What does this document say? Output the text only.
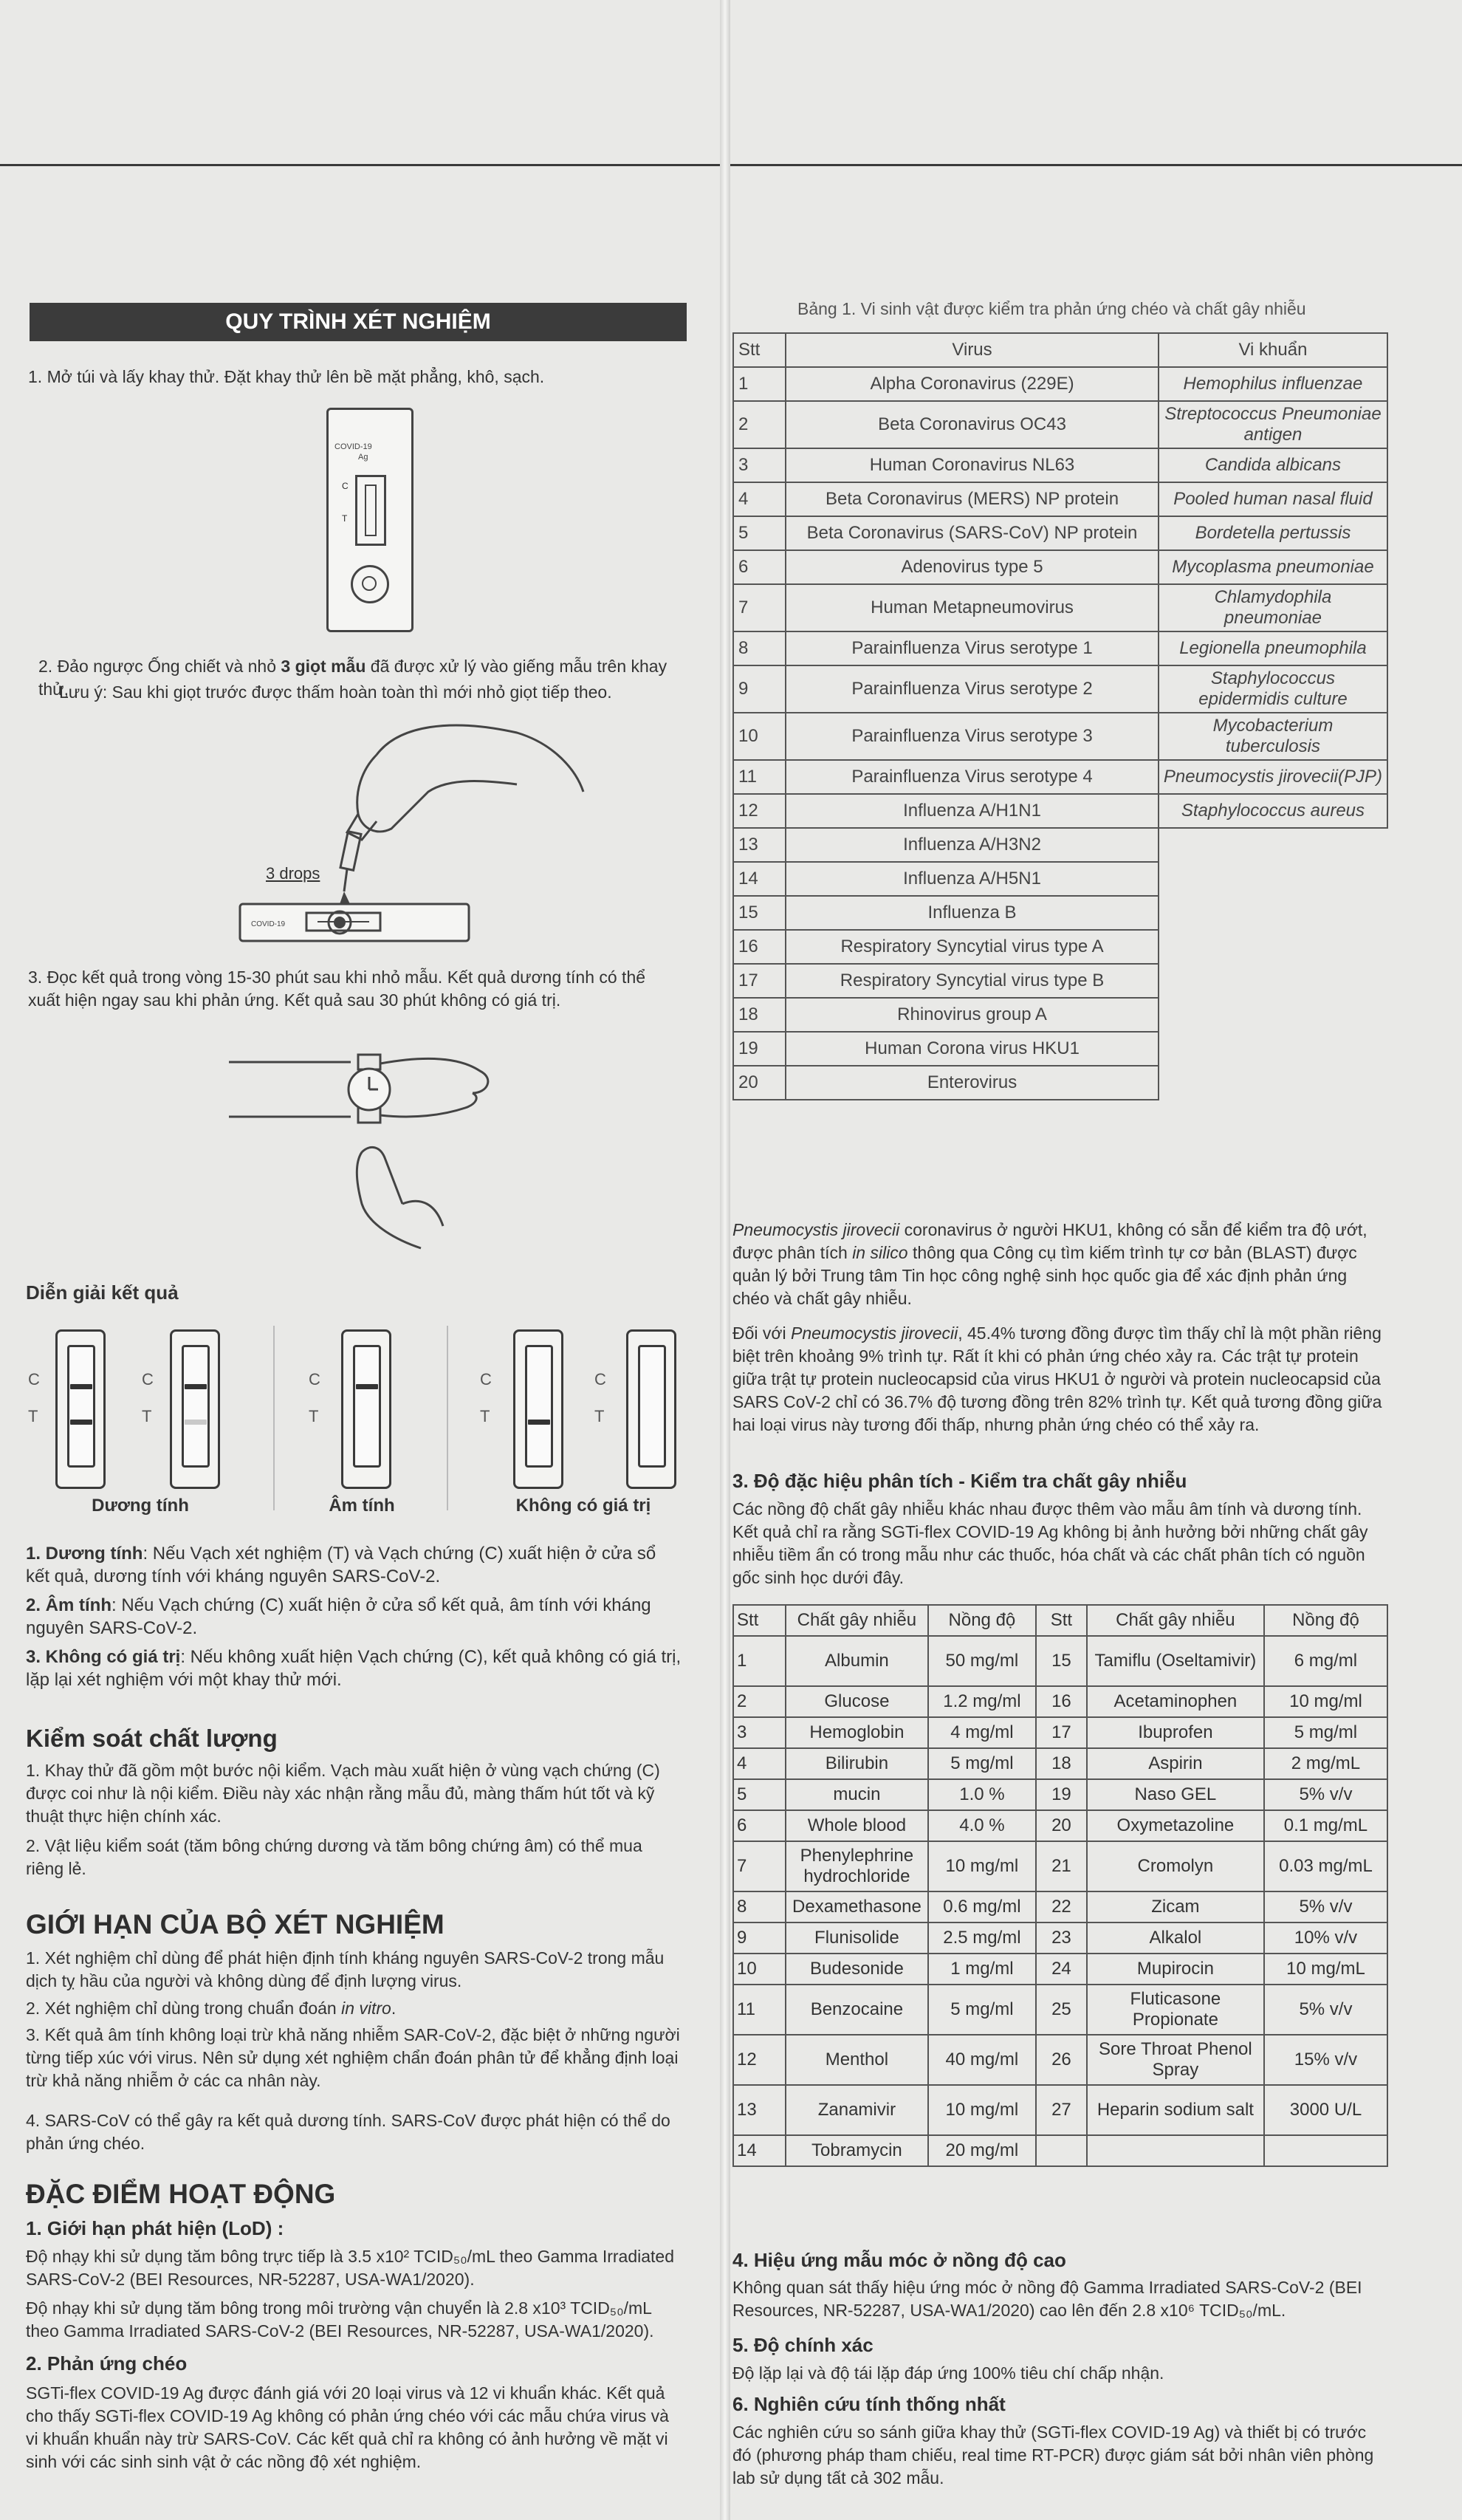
QUY TRÌNH XÉT NGHIỆM
1. Mở túi và lấy khay thử. Đặt khay thử lên bề mặt phẳng, khô, sạch.
COVID-19
Ag
C
T
2. Đảo ngược Ống chiết và nhỏ 3 giọt mẫu đã được xử lý vào giếng mẫu trên khay thử,
Lưu ý: Sau khi giọt trước được thấm hoàn toàn thì mới nhỏ giọt tiếp theo.
COVID-19
3 drops
3. Đọc kết quả trong vòng 15-30 phút sau khi nhỏ mẫu. Kết quả dương tính có thể xuất hiện ngay sau khi phản ứng. Kết quả sau 30 phút không có giá trị.
Diễn giải kết quả
C
T
C
T
C
T
C
T
C
T
Dương tính	Âm tính	Không có giá trị
1. Dương tính: Nếu Vạch xét nghiệm (T) và Vạch chứng (C) xuất hiện ở cửa sổ kết quả, dương tính với kháng nguyên SARS-CoV-2.
2. Âm tính: Nếu Vạch chứng (C) xuất hiện ở cửa sổ kết quả, âm tính với kháng nguyên SARS-CoV-2.
3. Không có giá trị: Nếu không xuất hiện Vạch chứng (C), kết quả không có giá trị, lặp lại xét nghiệm với một khay thử mới.
Kiểm soát chất lượng
1. Khay thử đã gồm một bước nội kiểm. Vạch màu xuất hiện ở vùng vạch chứng (C) được coi như là nội kiểm. Điều này xác nhận rằng mẫu đủ, màng thấm hút tốt và kỹ thuật thực hiện chính xác.
2. Vật liệu kiểm soát (tăm bông chứng dương và tăm bông chứng âm) có thể mua riêng lẻ.
GIỚI HẠN CỦA BỘ XÉT NGHIỆM
1. Xét nghiệm chỉ dùng để phát hiện định tính kháng nguyên SARS-CoV-2 trong mẫu dịch tỵ hầu của người và không dùng để định lượng virus.
2. Xét nghiệm chỉ dùng trong chuẩn đoán in vitro.
3. Kết quả âm tính không loại trừ khả năng nhiễm SAR-CoV-2, đặc biệt ở những người từng tiếp xúc với virus. Nên sử dụng xét nghiệm chẩn đoán phân tử để khẳng định loại trừ khả năng nhiễm ở các ca nhân này.
4. SARS-CoV có thể gây ra kết quả dương tính. SARS-CoV được phát hiện có thể do phản ứng chéo.
ĐẶC ĐIỂM HOẠT ĐỘNG
1. Giới hạn phát hiện (LoD) :
Độ nhạy khi sử dụng tăm bông trực tiếp là 3.5 x10² TCID₅₀/mL theo Gamma Irradiated SARS-CoV-2 (BEI Resources, NR-52287, USA-WA1/2020).
Độ nhạy khi sử dụng tăm bông trong môi trường vận chuyển là 2.8 x10³ TCID₅₀/mL theo Gamma Irradiated SARS-CoV-2 (BEI Resources, NR-52287, USA-WA1/2020).
2. Phản ứng chéo
SGTi-flex COVID-19 Ag được đánh giá với 20 loại virus và 12 vi khuẩn khác. Kết quả cho thấy SGTi-flex COVID-19 Ag không có phản ứng chéo với các mẫu chứa virus và vi khuẩn khuẩn này trừ SARS-CoV. Các kết quả chỉ ra không có ảnh hưởng về mặt vi sinh với các sinh sinh vật ở các nồng độ xét nghiệm.
Bảng 1. Vi sinh vật được kiểm tra phản ứng chéo và chất gây nhiễu
Stt	Virus	Vi khuẩn
1	Alpha Coronavirus (229E)	Hemophilus influenzae
2	Beta Coronavirus OC43	Streptococcus Pneumoniae antigen
3	Human Coronavirus NL63	Candida albicans
4	Beta Coronavirus (MERS) NP protein	Pooled human nasal fluid
5	Beta Coronavirus (SARS-CoV) NP protein	Bordetella pertussis
6	Adenovirus type 5	Mycoplasma pneumoniae
7	Human Metapneumovirus	Chlamydophila pneumoniae
8	Parainfluenza Virus serotype 1	Legionella pneumophila
9	Parainfluenza Virus serotype 2	Staphylococcus epidermidis culture
10	Parainfluenza Virus serotype 3	Mycobacterium tuberculosis
11	Parainfluenza Virus serotype 4	Pneumocystis jirovecii(PJP)
12	Influenza A/H1N1	Staphylococcus aureus
13	Influenza A/H3N2	
14	Influenza A/H5N1	
15	Influenza B	
16	Respiratory Syncytial virus type A	
17	Respiratory Syncytial virus type B	
18	Rhinovirus group A	
19	Human Corona virus HKU1	
20	Enterovirus	
Pneumocystis jirovecii coronavirus ở người HKU1, không có sẵn để kiểm tra độ ướt, được phân tích in silico thông qua Công cụ tìm kiếm trình tự cơ bản (BLAST) được quản lý bởi Trung tâm Tin học công nghệ sinh học quốc gia để xác định phản ứng chéo và chất gây nhiễu.
Đối với Pneumocystis jirovecii, 45.4% tương đồng được tìm thấy chỉ là một phần riêng biệt trên khoảng 9% trình tự. Rất ít khi có phản ứng chéo xảy ra. Các trật tự protein giữa trật tự protein nucleocapsid của virus HKU1 ở người và protein nucleocapsid của SARS CoV-2 chỉ có 36.7% độ tương đồng trên 82% trình tự. Kết quả tương đồng giữa hai loại virus này tương đối thấp, nhưng phản ứng chéo có thể xảy ra.
3. Độ đặc hiệu phân tích - Kiểm tra chất gây nhiễu
Các nồng độ chất gây nhiễu khác nhau được thêm vào mẫu âm tính và dương tính. Kết quả chỉ ra rằng SGTi-flex COVID-19 Ag không bị ảnh hưởng bởi những chất gây nhiễu tiềm ẩn có trong mẫu như các thuốc, hóa chất và các chất phân tích có nguồn gốc sinh học dưới đây.
Stt	Chất gây nhiễu	Nồng độ	Stt	Chất gây nhiễu	Nồng độ
1	Albumin	50 mg/ml	15	Tamiflu (Oseltamivir)	6 mg/ml
2	Glucose	1.2 mg/ml	16	Acetaminophen	10 mg/ml
3	Hemoglobin	4 mg/ml	17	Ibuprofen	5 mg/ml
4	Bilirubin	5 mg/ml	18	Aspirin	2 mg/mL
5	mucin	1.0 %	19	Naso GEL	5% v/v
6	Whole blood	4.0 %	20	Oxymetazoline	0.1 mg/mL
7	Phenylephrine hydrochloride	10 mg/ml	21	Cromolyn	0.03 mg/mL
8	Dexamethasone	0.6 mg/ml	22	Zicam	5% v/v
9	Flunisolide	2.5 mg/ml	23	Alkalol	10% v/v
10	Budesonide	1 mg/ml	24	Mupirocin	10 mg/mL
11	Benzocaine	5 mg/ml	25	Fluticasone Propionate	5% v/v
12	Menthol	40 mg/ml	26	Sore Throat Phenol Spray	15% v/v
13	Zanamivir	10 mg/ml	27	Heparin sodium salt	3000 U/L
14	Tobramycin	20 mg/ml			
4. Hiệu ứng mẫu móc ở nồng độ cao
Không quan sát thấy hiệu ứng móc ở nồng độ Gamma Irradiated SARS-CoV-2 (BEI Resources, NR-52287, USA-WA1/2020) cao lên đến 2.8 x10⁶ TCID₅₀/mL.
5. Độ chính xác
Độ lặp lại và độ tái lặp đáp ứng 100% tiêu chí chấp nhận.
6. Nghiên cứu tính thống nhất
Các nghiên cứu so sánh giữa khay thử (SGTi-flex COVID-19 Ag) và thiết bị có trước đó (phương pháp tham chiếu, real time RT-PCR) được giám sát bởi nhân viên phòng lab sử dụng tất cả 302 mẫu.
